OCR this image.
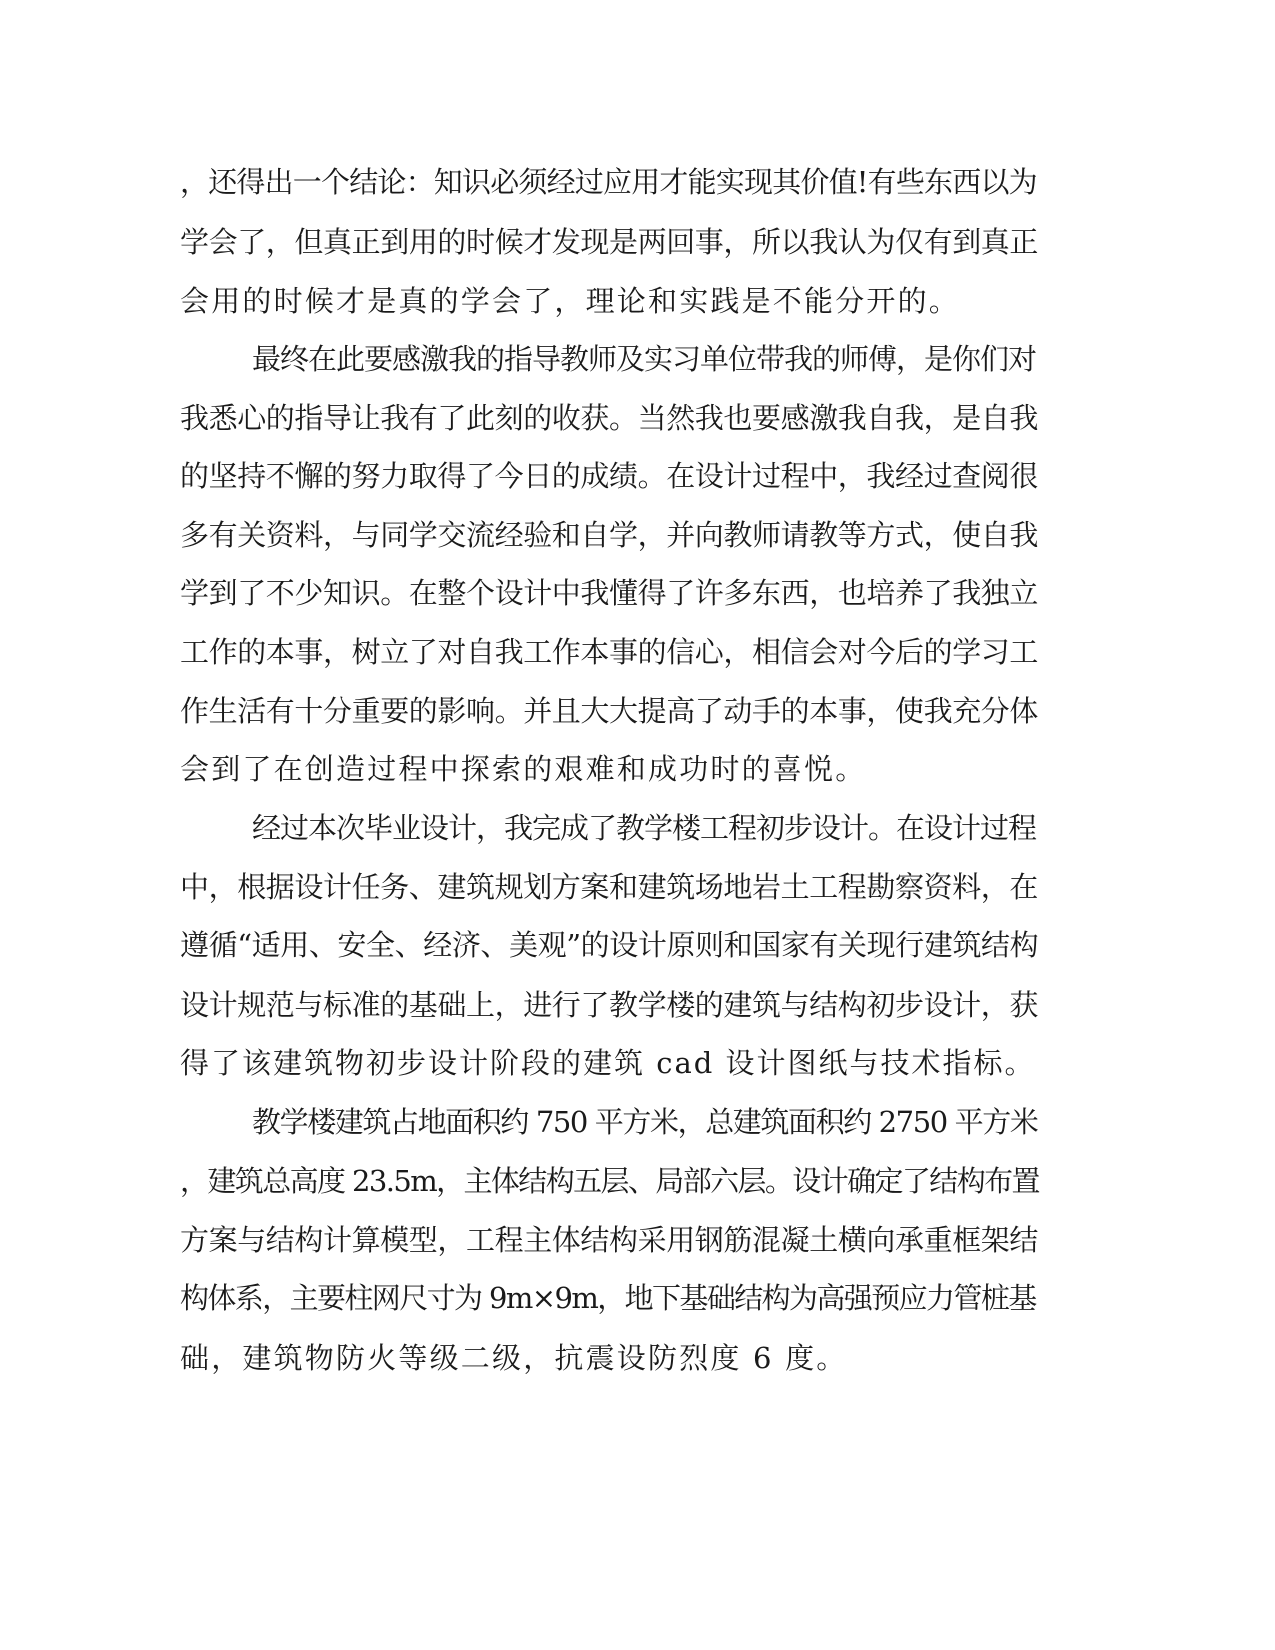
，还得出一个结论：知识必须经过应用才能实现其价值!有些东西以为
学会了，但真正到用的时候才发现是两回事，所以我认为仅有到真正
会用的时候才是真的学会了，理论和实践是不能分开的。
最终在此要感激我的指导教师及实习单位带我的师傅，是你们对
我悉心的指导让我有了此刻的收获。当然我也要感激我自我，是自我
的坚持不懈的努力取得了今日的成绩。在设计过程中，我经过查阅很
多有关资料，与同学交流经验和自学，并向教师请教等方式，使自我
学到了不少知识。在整个设计中我懂得了许多东西，也培养了我独立
工作的本事，树立了对自我工作本事的信心，相信会对今后的学习工
作生活有十分重要的影响。并且大大提高了动手的本事，使我充分体
会到了在创造过程中探索的艰难和成功时的喜悦。
经过本次毕业设计，我完成了教学楼工程初步设计。在设计过程
中，根据设计任务、建筑规划方案和建筑场地岩土工程勘察资料，在
遵循“适用、安全、经济、美观”的设计原则和国家有关现行建筑结构
设计规范与标准的基础上，进行了教学楼的建筑与结构初步设计，获
得了该建筑物初步设计阶段的建筑 cad 设计图纸与技术指标。
教学楼建筑占地面积约 750 平方米，总建筑面积约 2750 平方米
，建筑总高度 23.5m，主体结构五层、局部六层。设计确定了结构布置
方案与结构计算模型，工程主体结构采用钢筋混凝土横向承重框架结
构体系，主要柱网尺寸为 9m×9m，地下基础结构为高强预应力管桩基
础，建筑物防火等级二级，抗震设防烈度 6 度。
